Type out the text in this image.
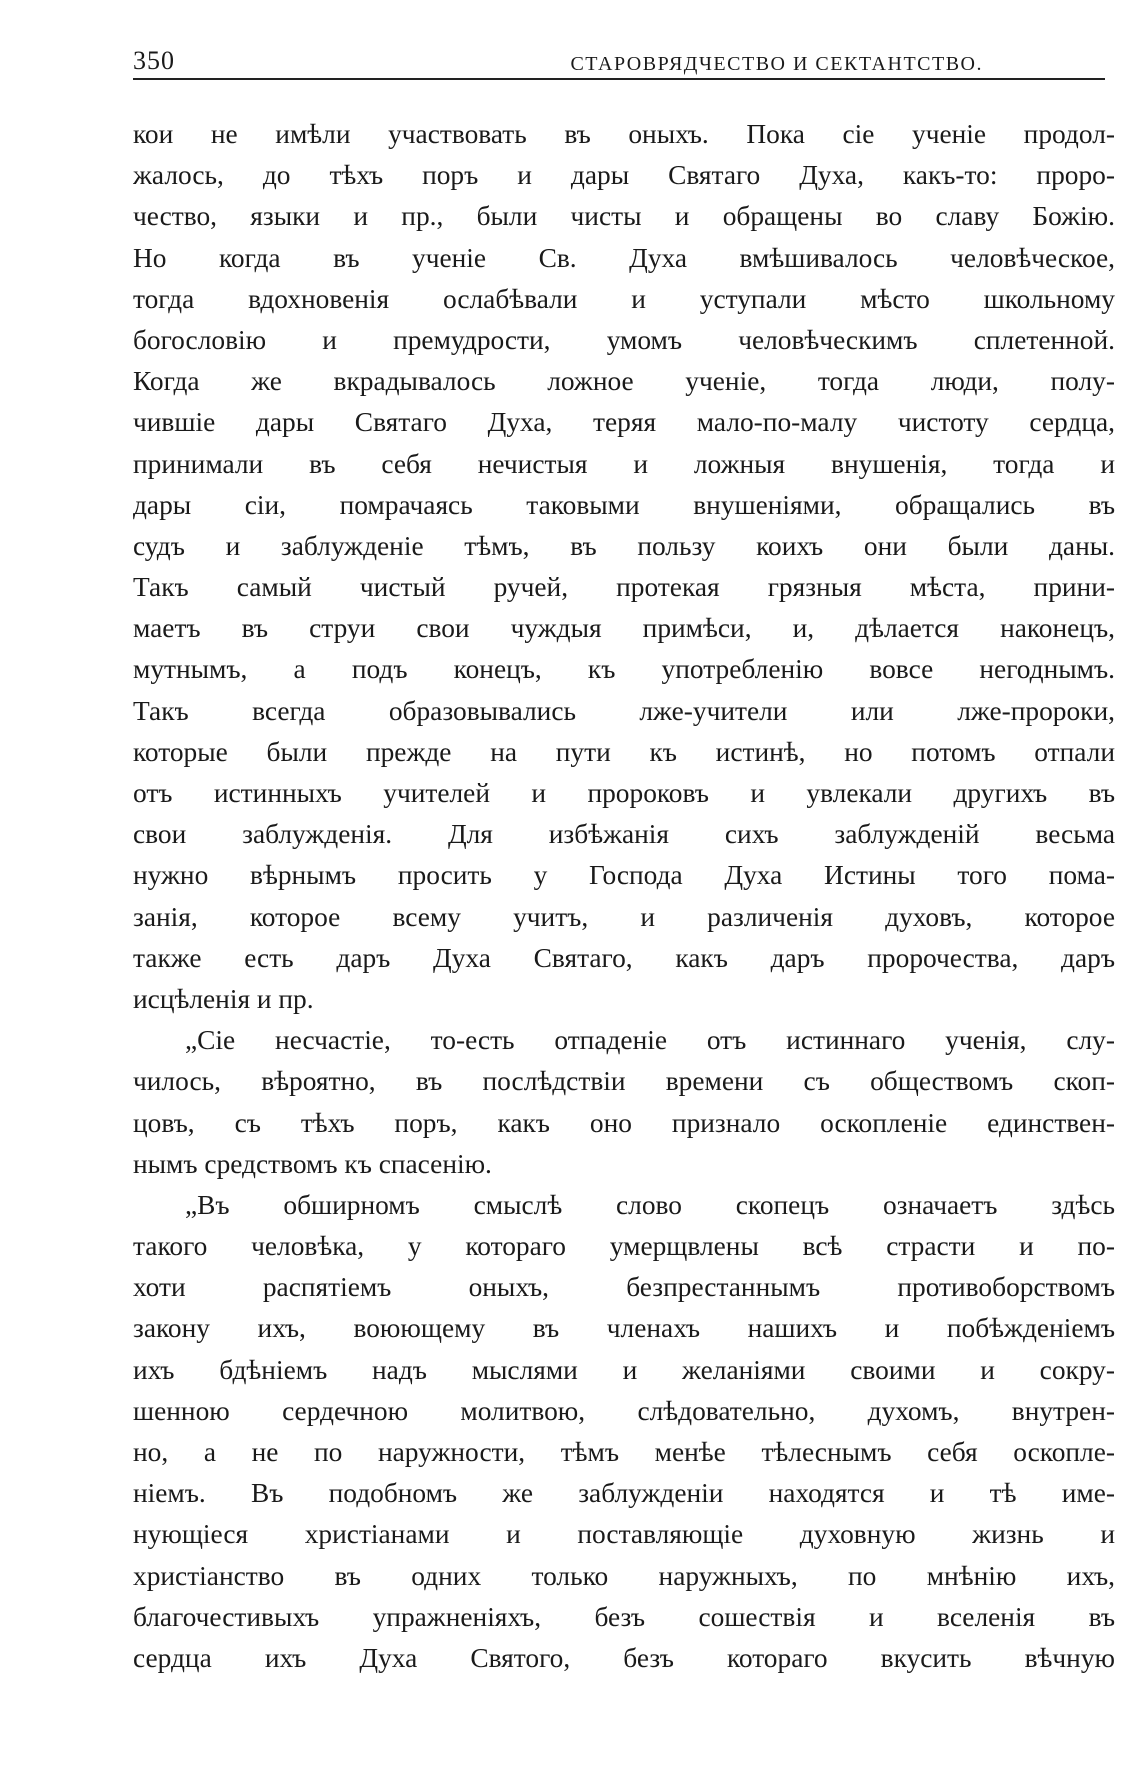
350	СТАРОВРЯДЧЕСТВО И СЕКТАНТСТВО.
кои не имѣли участвовать въ оныхъ. Пока сіе ученіе продол-
жалось, до тѣхъ поръ и дары Святаго Духа, какъ-то: проро-
чество, языки и пр., были чисты и обращены во славу Божію.
Но когда въ ученіе Св. Духа вмѣшивалось человѣческое,
тогда вдохновенія ослабѣвали и уступали мѣсто школьному
богословію и премудрости, умомъ человѣческимъ сплетенной.
Когда же вкрадывалось ложное ученіе, тогда люди, полу-
чившіе дары Святаго Духа, теряя мало-по-малу чистоту сердца,
принимали въ себя нечистыя и ложныя внушенія, тогда и
дары сіи, помрачаясь таковыми внушеніями, обращались въ
судъ и заблужденіе тѣмъ, въ пользу коихъ они были даны.
Такъ самый чистый ручей, протекая грязныя мѣста, прини-
маетъ въ струи свои чуждыя примѣси, и, дѣлается наконецъ,
мутнымъ, а подъ конецъ, къ употребленію вовсе негоднымъ.
Такъ всегда образовывались лже-учители или лже-пророки,
которые были прежде на пути къ истинѣ, но потомъ отпали
отъ истинныхъ учителей и пророковъ и увлекали другихъ въ
свои заблужденія. Для избѣжанія сихъ заблужденій весьма
нужно вѣрнымъ просить у Господа Духа Истины того пома-
занія, которое всему учитъ, и различенія духовъ, которое
также есть даръ Духа Святаго, какъ даръ пророчества, даръ
исцѣленія и пр.
„Сіе несчастіе, то-есть отпаденіе отъ истиннаго ученія, слу-
чилось, вѣроятно, въ послѣдствіи времени съ обществомъ скоп-
цовъ, съ тѣхъ поръ, какъ оно признало оскопленіе единствен-
нымъ средствомъ къ спасенію.
„Въ обширномъ смыслѣ слово скопецъ означаетъ здѣсь
такого человѣка, у котораго умерщвлены всѣ страсти и по-
хоти распятіемъ оныхъ, безпрестаннымъ противоборствомъ
закону ихъ, воюющему въ членахъ нашихъ и побѣжденіемъ
ихъ бдѣніемъ надъ мыслями и желаніями своими и сокру-
шенною сердечною молитвою, слѣдовательно, духомъ, внутрен-
но, а не по наружности, тѣмъ менѣе тѣлеснымъ себя оскопле-
ніемъ. Въ подобномъ же заблужденіи находятся и тѣ име-
нующіеся христіанами и поставляющіе духовную жизнь и
христіанство въ одних только наружныхъ, по мнѣнію ихъ,
благочестивыхъ упражненіяхъ, безъ сошествія и вселенія въ
сердца ихъ Духа Святого, безъ котораго вкусить вѣчную
